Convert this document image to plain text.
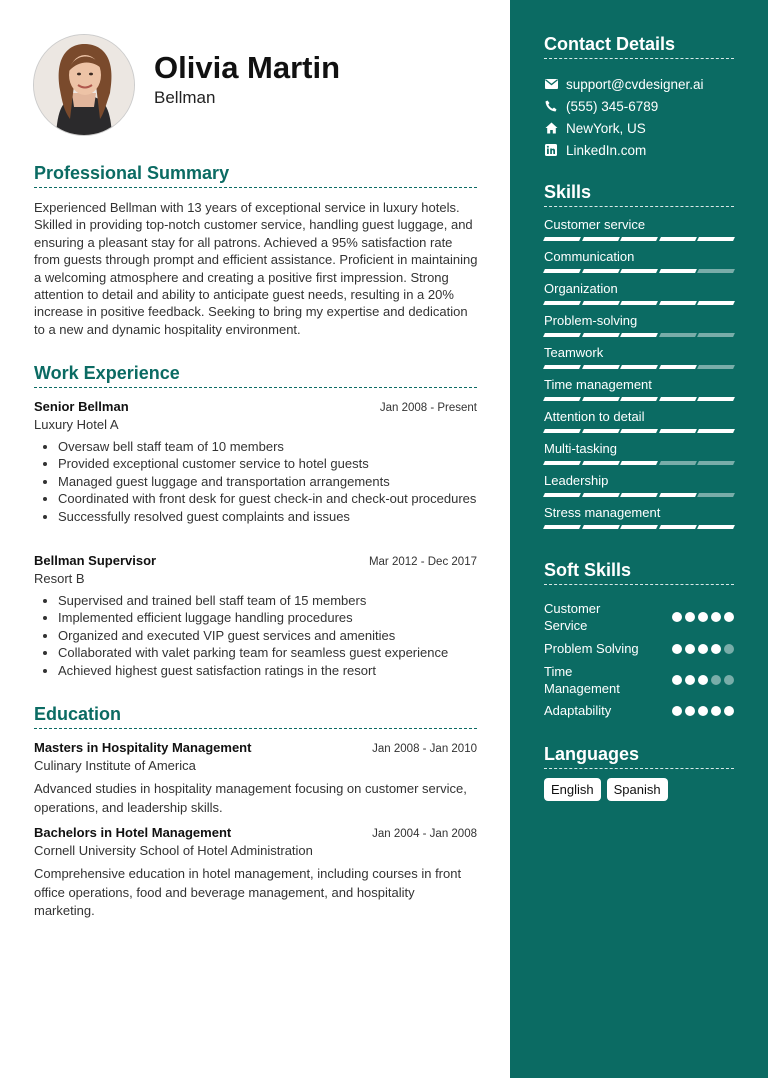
Olivia Martin
Bellman
Professional Summary
Experienced Bellman with 13 years of exceptional service in luxury hotels. Skilled in providing top-notch customer service, handling guest luggage, and ensuring a pleasant stay for all patrons. Achieved a 95% satisfaction rate from guests through prompt and efficient assistance. Proficient in maintaining a welcoming atmosphere and creating a positive first impression. Strong attention to detail and ability to anticipate guest needs, resulting in a 20% increase in positive feedback. Seeking to bring my expertise and dedication to a new and dynamic hospitality environment.
Work Experience
Senior Bellman	Jan 2008 - Present
Luxury Hotel A
• Oversaw bell staff team of 10 members
• Provided exceptional customer service to hotel guests
• Managed guest luggage and transportation arrangements
• Coordinated with front desk for guest check-in and check-out procedures
• Successfully resolved guest complaints and issues
Bellman Supervisor	Mar 2012 - Dec 2017
Resort B
• Supervised and trained bell staff team of 15 members
• Implemented efficient luggage handling procedures
• Organized and executed VIP guest services and amenities
• Collaborated with valet parking team for seamless guest experience
• Achieved highest guest satisfaction ratings in the resort
Education
Masters in Hospitality Management	Jan 2008 - Jan 2010
Culinary Institute of America
Advanced studies in hospitality management focusing on customer service, operations, and leadership skills.
Bachelors in Hotel Management	Jan 2004 - Jan 2008
Cornell University School of Hotel Administration
Comprehensive education in hotel management, including courses in front office operations, food and beverage management, and hospitality marketing.
Contact Details
support@cvdesigner.ai
(555) 345-6789
NewYork, US
LinkedIn.com
Skills
Customer service
Communication
Organization
Problem-solving
Teamwork
Time management
Attention to detail
Multi-tasking
Leadership
Stress management
Soft Skills
Customer Service
Problem Solving
Time Management
Adaptability
Languages
English	Spanish
